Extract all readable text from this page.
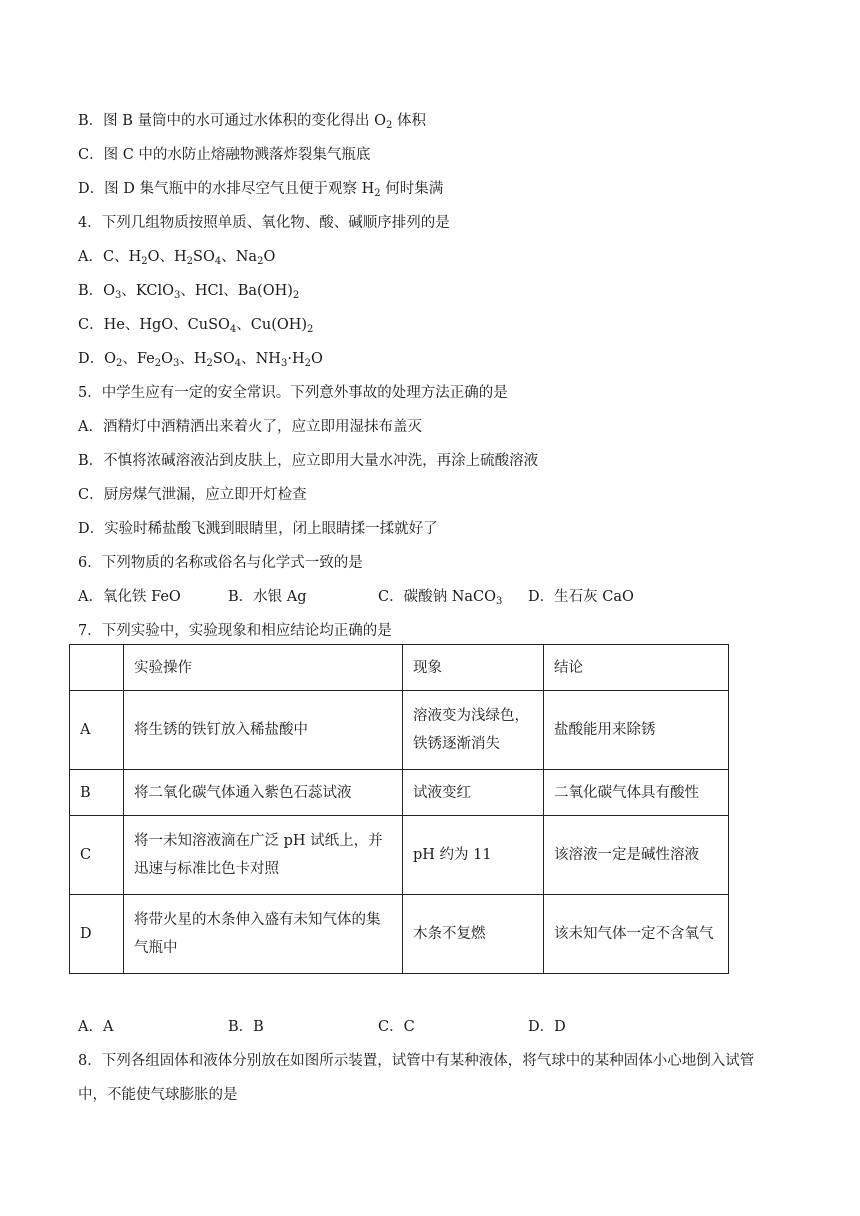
B．图 B 量筒中的水可通过水体积的变化得出 $O_2$ 体积
C．图 C 中的水防止熔融物溅落炸裂集气瓶底
D．图 D 集气瓶中的水排尽空气且便于观察 $H_2$ 何时集满
4．下列几组物质按照单质、氧化物、酸、碱顺序排列的是
A．C、$H_2O$、$H_2SO_4$、$Na_2O$
B．$O_3$、KClO$_3$、HCl、$Ba(OH)_2$
C．He、HgO、CuSO$_4$、$Cu(OH)_2$
D．$O_2$、$Fe_2O_3$、$H_2SO_4$、$NH_3\cdot H_2O$
5．中学生应有一定的安全常识。下列意外事故的处理方法正确的是
A．酒精灯中酒精洒出来着火了，应立即用湿抹布盖灭
B．不慎将浓碱溶液沾到皮肤上，应立即用大量水冲洗，再涂上硫酸溶液
C．厨房煤气泄漏，应立即开灯检查
D．实验时稀盐酸飞溅到眼睛里，闭上眼睛揉一揉就好了
6．下列物质的名称或俗名与化学式一致的是
A．氧化铁 FeO	B．水银 Ag	C．碳酸钠 NaCO$_3$ D．生石灰 CaO
7．下列实验中，实验现象和相应结论均正确的是
	实验操作	现象	结论
A	将生锈的铁钉放入稀盐酸中	溶液变为浅绿色，
铁锈逐渐消失	盐酸能用来除锈
B	将二氧化碳气体通入紫色石蕊试液	试液变红	二氧化碳气体具有酸性
C	将一未知溶液滴在广泛 pH 试纸上，并
迅速与标准比色卡对照	pH 约为 11	该溶液一定是碱性溶液
D	将带火星的木条伸入盛有未知气体的集
气瓶中	木条不复燃	该未知气体一定不含氧气
A．A	B．B	C．C	D．D
8．下列各组固体和液体分别放在如图所示装置，试管中有某种液体，将气球中的某种固体小心地倒入试管
中，不能使气球膨胀的是
